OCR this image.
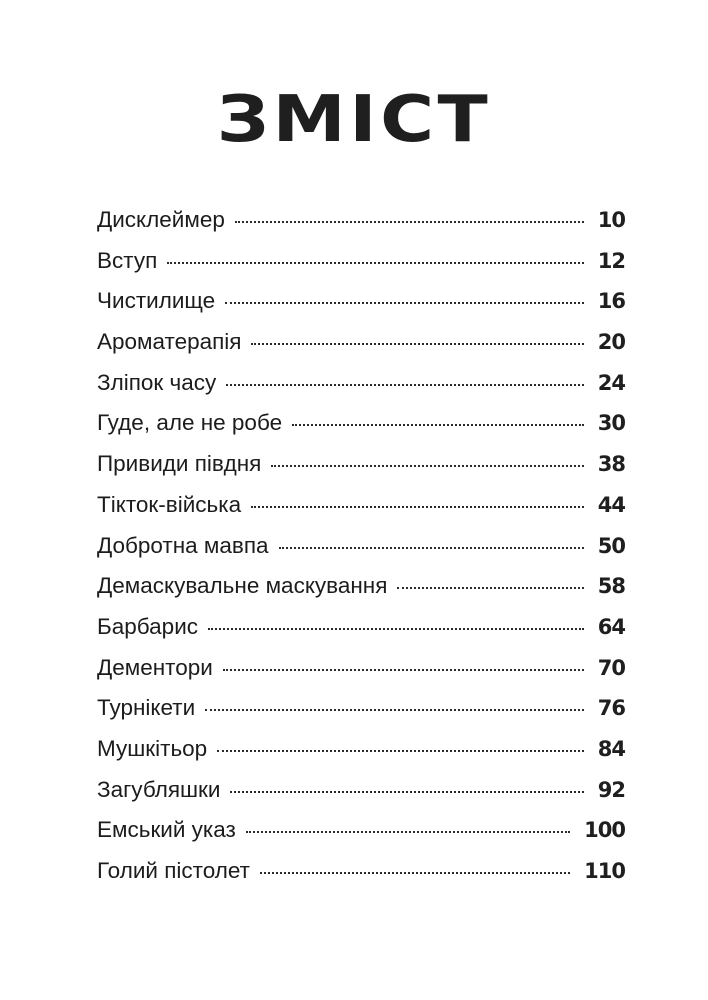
ЗМІСТ
Дисклеймер	10
Вступ	12
Чистилище	16
Ароматерапія	20
Зліпок часу	24
Гуде, але не робе	30
Привиди півдня	38
Тікток-війська	44
Добротна мавпа	50
Демаскувальне маскування	58
Барбарис	64
Дементори	70
Турнікети	76
Мушкітьор	84
Загубляшки	92
Емський указ	100
Голий пістолет	110
